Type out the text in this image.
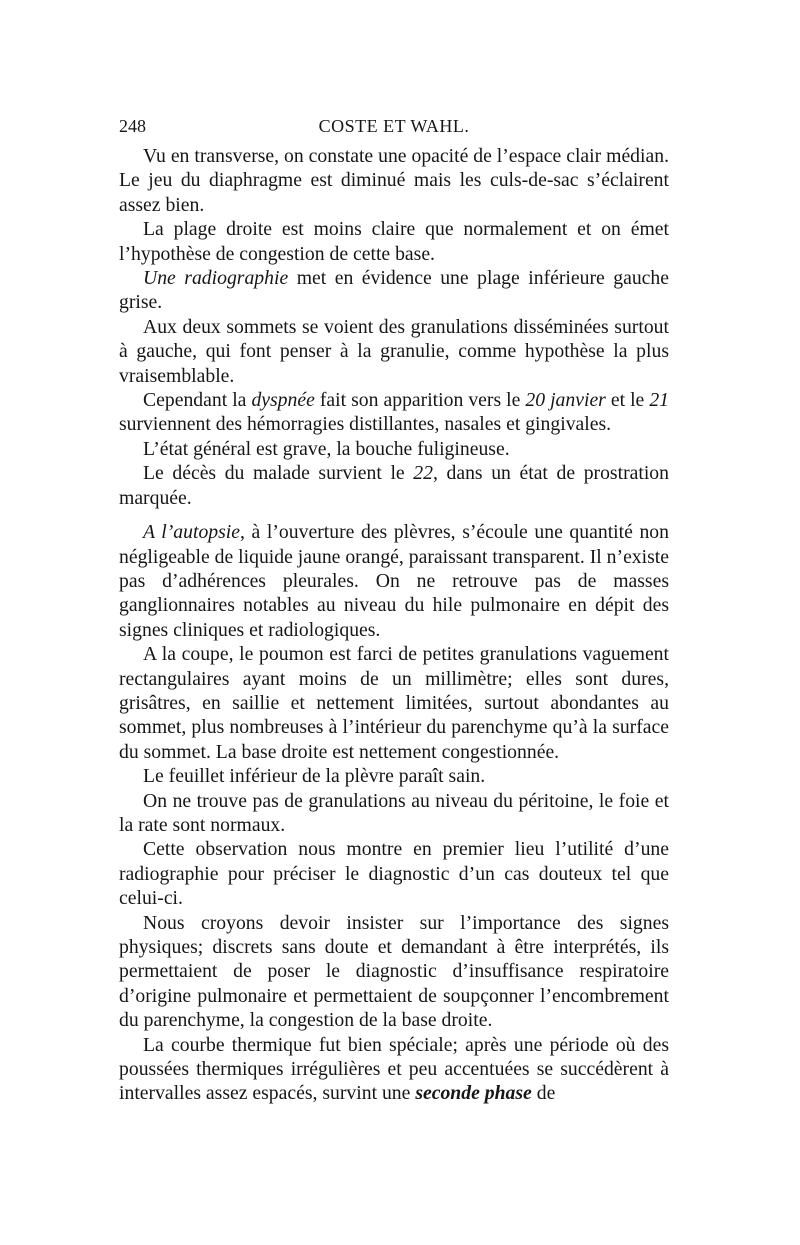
248	COSTE ET WAHL.

Vu en transverse, on constate une opacité de l’espace clair médian. Le jeu du diaphragme est diminué mais les culs-de-sac s’éclairent assez bien.

La plage droite est moins claire que normalement et on émet l’hypothèse de congestion de cette base.

Une radiographie met en évidence une plage inférieure gauche grise.

Aux deux sommets se voient des granulations disséminées surtout à gauche, qui font penser à la granulie, comme hypothèse la plus vraisemblable.

Cependant la dyspnée fait son apparition vers le 20 janvier et le 21 surviennent des hémorragies distillantes, nasales et gingivales.

L’état général est grave, la bouche fuligineuse.

Le décès du malade survient le 22, dans un état de prostration marquée.

A l’autopsie, à l’ouverture des plèvres, s’écoule une quantité non négligeable de liquide jaune orangé, paraissant transparent. Il n’existe pas d’adhérences pleurales. On ne retrouve pas de masses ganglionnaires notables au niveau du hile pulmonaire en dépit des signes cliniques et radiologiques.

A la coupe, le poumon est farci de petites granulations vaguement rectangulaires ayant moins de un millimètre; elles sont dures, grisâtres, en saillie et nettement limitées, surtout abondantes au sommet, plus nombreuses à l’intérieur du parenchyme qu’à la surface du sommet. La base droite est nettement congestionnée.

Le feuillet inférieur de la plèvre paraît sain.

On ne trouve pas de granulations au niveau du péritoine, le foie et la rate sont normaux.

Cette observation nous montre en premier lieu l’utilité d’une radiographie pour préciser le diagnostic d’un cas douteux tel que celui-ci.

Nous croyons devoir insister sur l’importance des signes physiques; discrets sans doute et demandant à être interprétés, ils permettaient de poser le diagnostic d’insuffisance respiratoire d’origine pulmonaire et permettaient de soupçonner l’encombrement du parenchyme, la congestion de la base droite.

La courbe thermique fut bien spéciale; après une période où des poussées thermiques irrégulières et peu accentuées se succédèrent à intervalles assez espacés, survint une seconde phase de
